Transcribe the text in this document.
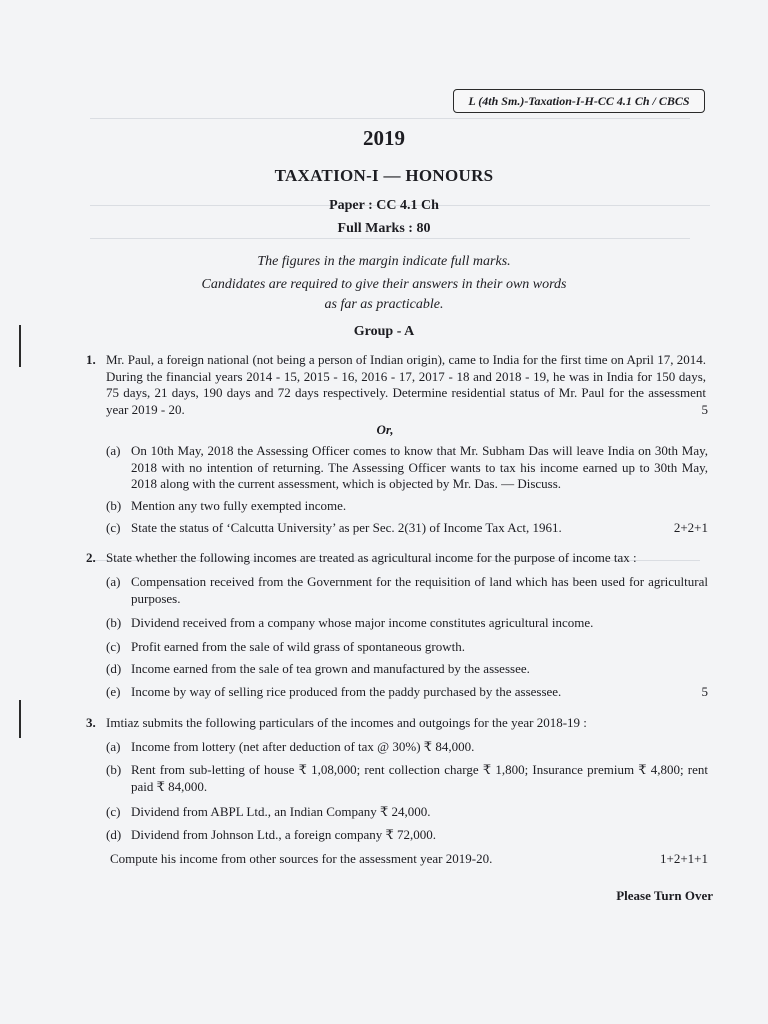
L (4th Sm.)-Taxation-I-H-CC 4.1 Ch / CBCS
2019
TAXATION-I — HONOURS
Paper : CC 4.1 Ch
Full Marks : 80
The figures in the margin indicate full marks.
Candidates are required to give their answers in their own words
as far as practicable.
Group - A
1. Mr. Paul, a foreign national (not being a person of Indian origin), came to India for the first time on April 17, 2014. During the financial years 2014 - 15, 2015 - 16, 2016 - 17, 2017 - 18 and 2018 - 19, he was in India for 150 days, 75 days, 21 days, 190 days and 72 days respectively. Determine residential status of Mr. Paul for the assessment year 2019 - 20.	5
Or,
(a) On 10th May, 2018 the Assessing Officer comes to know that Mr. Subham Das will leave India on 30th May, 2018 with no intention of returning. The Assessing Officer wants to tax his income earned up to 30th May, 2018 along with the current assessment, which is objected by Mr. Das. — Discuss.
(b) Mention any two fully exempted income.
(c) State the status of ‘Calcutta University’ as per Sec. 2(31) of Income Tax Act, 1961.	2+2+1
2. State whether the following incomes are treated as agricultural income for the purpose of income tax :
(a) Compensation received from the Government for the requisition of land which has been used for agricultural purposes.
(b) Dividend received from a company whose major income constitutes agricultural income.
(c) Profit earned from the sale of wild grass of spontaneous growth.
(d) Income earned from the sale of tea grown and manufactured by the assessee.
(e) Income by way of selling rice produced from the paddy purchased by the assessee.	5
3. Imtiaz submits the following particulars of the incomes and outgoings for the year 2018-19 :
(a) Income from lottery (net after deduction of tax @ 30%) ₹ 84,000.
(b) Rent from sub-letting of house ₹ 1,08,000; rent collection charge ₹ 1,800; Insurance premium ₹ 4,800; rent paid ₹ 84,000.
(c) Dividend from ABPL Ltd., an Indian Company ₹ 24,000.
(d) Dividend from Johnson Ltd., a foreign company ₹ 72,000.
Compute his income from other sources for the assessment year 2019-20.	1+2+1+1
Please Turn Over
